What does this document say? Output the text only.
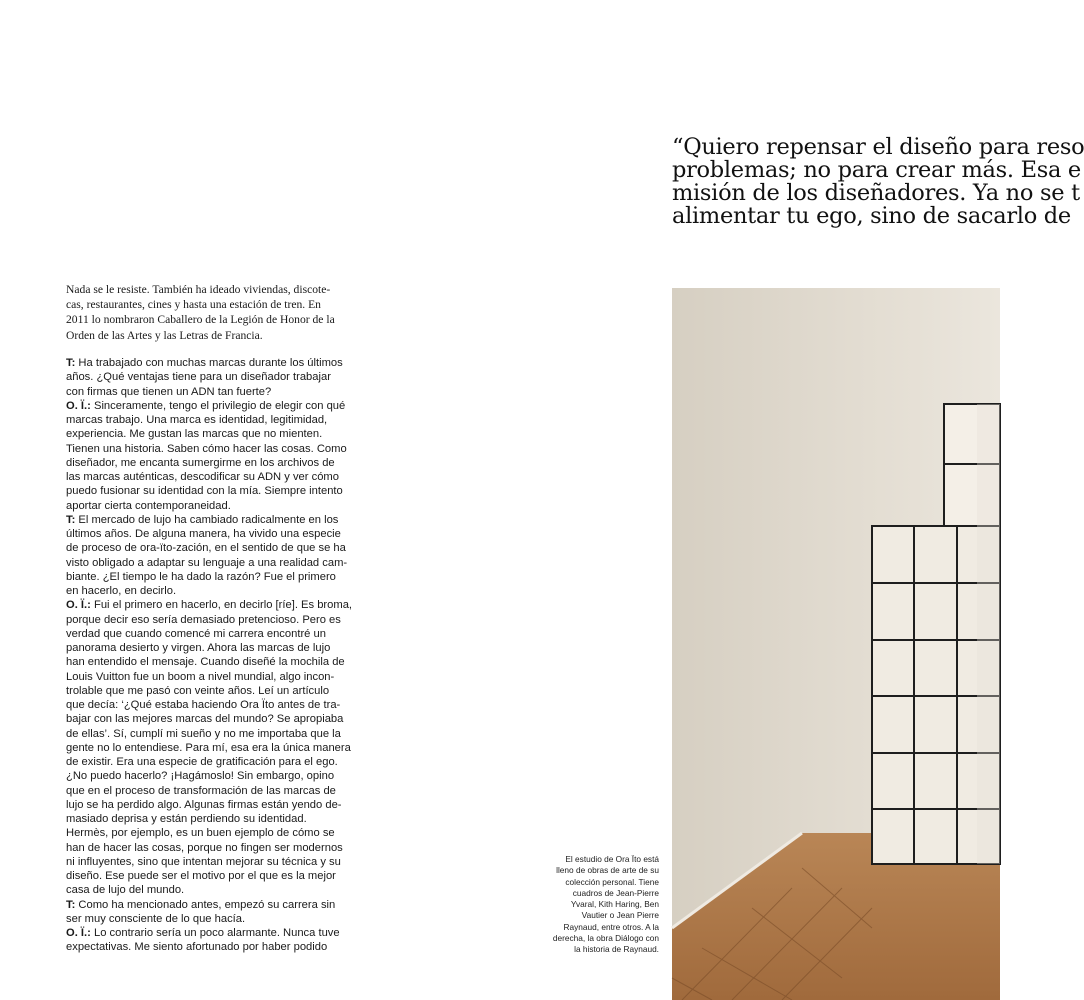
“Quiero repensar el diseño para reso
problemas; no para crear más. Esa e
misión de los diseñadores. Ya no se t
alimentar tu ego, sino de sacarlo de
Nada se le resiste. También ha ideado viviendas, discote-
cas, restaurantes, cines y hasta una estación de tren. En
2011 lo nombraron Caballero de la Legión de Honor de la
Orden de las Artes y las Letras de Francia.
T: Ha trabajado con muchas marcas durante los últimos
años. ¿Qué ventajas tiene para un diseñador trabajar
con firmas que tienen un ADN tan fuerte?
O. Ï.: Sinceramente, tengo el privilegio de elegir con qué
marcas trabajo. Una marca es identidad, legitimidad,
experiencia. Me gustan las marcas que no mienten.
Tienen una historia. Saben cómo hacer las cosas. Como
diseñador, me encanta sumergirme en los archivos de
las marcas auténticas, descodificar su ADN y ver cómo
puedo fusionar su identidad con la mía. Siempre intento
aportar cierta contemporaneidad.
T: El mercado de lujo ha cambiado radicalmente en los
últimos años. De alguna manera, ha vivido una especie
de proceso de ora-ïto-zación, en el sentido de que se ha
visto obligado a adaptar su lenguaje a una realidad cam-
biante. ¿El tiempo le ha dado la razón? Fue el primero
en hacerlo, en decirlo.
O. Ï.: Fui el primero en hacerlo, en decirlo [ríe]. Es broma,
porque decir eso sería demasiado pretencioso. Pero es
verdad que cuando comencé mi carrera encontré un
panorama desierto y virgen. Ahora las marcas de lujo
han entendido el mensaje. Cuando diseñé la mochila de
Louis Vuitton fue un boom a nivel mundial, algo incon-
trolable que me pasó con veinte años. Leí un artículo
que decía: ‘¿Qué estaba haciendo Ora Ïto antes de tra-
bajar con las mejores marcas del mundo? Se apropiaba
de ellas’. Sí, cumplí mi sueño y no me importaba que la
gente no lo entendiese. Para mí, esa era la única manera
de existir. Era una especie de gratificación para el ego.
¿No puedo hacerlo? ¡Hagámoslo! Sin embargo, opino
que en el proceso de transformación de las marcas de
lujo se ha perdido algo. Algunas firmas están yendo de-
masiado deprisa y están perdiendo su identidad.
Hermès, por ejemplo, es un buen ejemplo de cómo se
han de hacer las cosas, porque no fingen ser modernos
ni influyentes, sino que intentan mejorar su técnica y su
diseño. Ese puede ser el motivo por el que es la mejor
casa de lujo del mundo.
T: Como ha mencionado antes, empezó su carrera sin
ser muy consciente de lo que hacía.
O. Ï.: Lo contrario sería un poco alarmante. Nunca tuve
expectativas. Me siento afortunado por haber podido
El estudio de Ora Ïto está
lleno de obras de arte de su
colección personal. Tiene
cuadros de Jean-Pierre
Yvaral, Kith Haring, Ben
Vautier o Jean Pierre
Raynaud, entre otros. A la
derecha, la obra Diálogo con
la historia de Raynaud.
